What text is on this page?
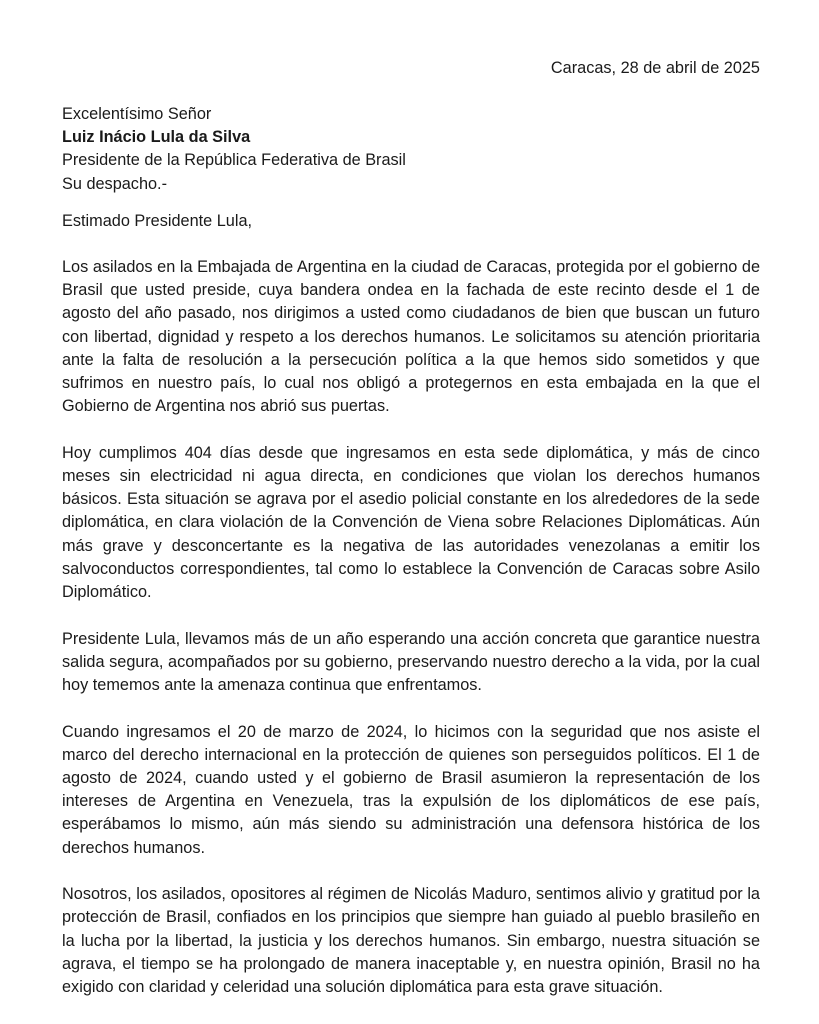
Caracas, 28 de abril de 2025
Excelentísimo Señor
Luiz Inácio Lula da Silva
Presidente de la República Federativa de Brasil
Su despacho.-
Estimado Presidente Lula,

Los asilados en la Embajada de Argentina en la ciudad de Caracas, protegida por el gobierno de Brasil que usted preside, cuya bandera ondea en la fachada de este recinto desde el 1 de agosto del año pasado, nos dirigimos a usted como ciudadanos de bien que buscan un futuro con libertad, dignidad y respeto a los derechos humanos. Le solicitamos su atención prioritaria ante la falta de resolución a la persecución política a la que hemos sido sometidos y que sufrimos en nuestro país, lo cual nos obligó a protegernos en esta embajada en la que el Gobierno de Argentina nos abrió sus puertas.

Hoy cumplimos 404 días desde que ingresamos en esta sede diplomática, y más de cinco meses sin electricidad ni agua directa, en condiciones que violan los derechos humanos básicos. Esta situación se agrava por el asedio policial constante en los alrededores de la sede diplomática, en clara violación de la Convención de Viena sobre Relaciones Diplomáticas. Aún más grave y desconcertante es la negativa de las autoridades venezolanas a emitir los salvoconductos correspondientes, tal como lo establece la Convención de Caracas sobre Asilo Diplomático.

Presidente Lula, llevamos más de un año esperando una acción concreta que garantice nuestra salida segura, acompañados por su gobierno, preservando nuestro derecho a la vida, por la cual hoy tememos ante la amenaza continua que enfrentamos.

Cuando ingresamos el 20 de marzo de 2024, lo hicimos con la seguridad que nos asiste el marco del derecho internacional en la protección de quienes son perseguidos políticos. El 1 de agosto de 2024, cuando usted y el gobierno de Brasil asumieron la representación de los intereses de Argentina en Venezuela, tras la expulsión de los diplomáticos de ese país, esperábamos lo mismo, aún más siendo su administración una defensora histórica de los derechos humanos.

Nosotros, los asilados, opositores al régimen de Nicolás Maduro, sentimos alivio y gratitud por la protección de Brasil, confiados en los principios que siempre han guiado al pueblo brasileño en la lucha por la libertad, la justicia y los derechos humanos. Sin embargo, nuestra situación se agrava, el tiempo se ha prolongado de manera inaceptable y, en nuestra opinión, Brasil no ha exigido con claridad y celeridad una solución diplomática para esta grave situación.
